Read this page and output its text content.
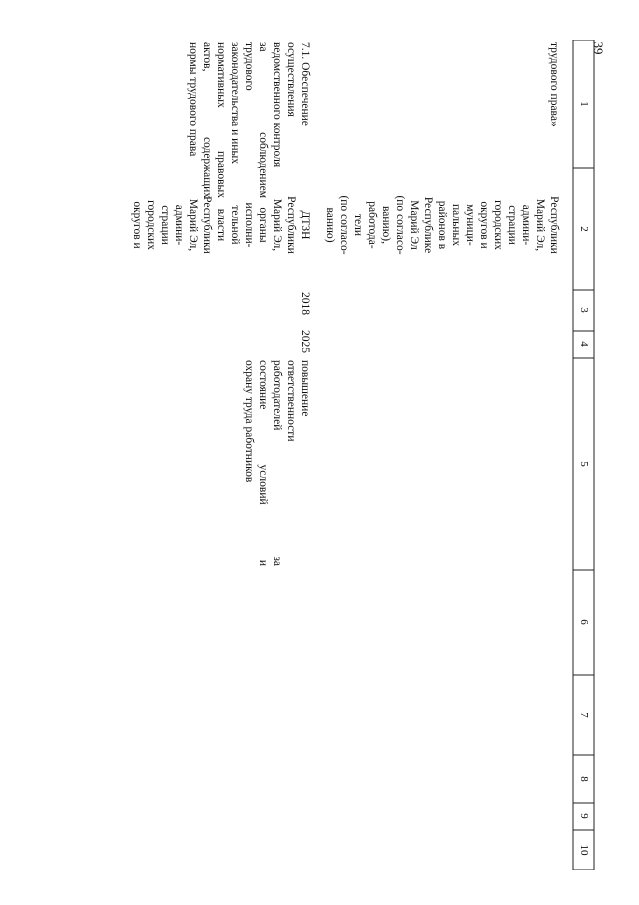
39
1
2
3
4
5
6
7
8
9
10
трудового права»
Республики
Марий Эл,
админи-
страции
городских
округов и
муници-
пальных
районов в
Республике
Марий Эл
(по согласо-
ванию),
работода-
тели
(по согласо-
ванию)
7.1. Обеспечение
осуществления
ведомственного контроля
за соблюдением
трудового
законодательства и иных
нормативных правовых
актов, содержащих
нормы трудового права
ДТЗН
Республики
Марий Эл,
органы
исполни-
тельной
власти
Республики
Марий Эл,
админи-
страции
городских
округов и
2018
2025
повышение
ответственности
работодателей за
состояние условий и
охрану труда работников
